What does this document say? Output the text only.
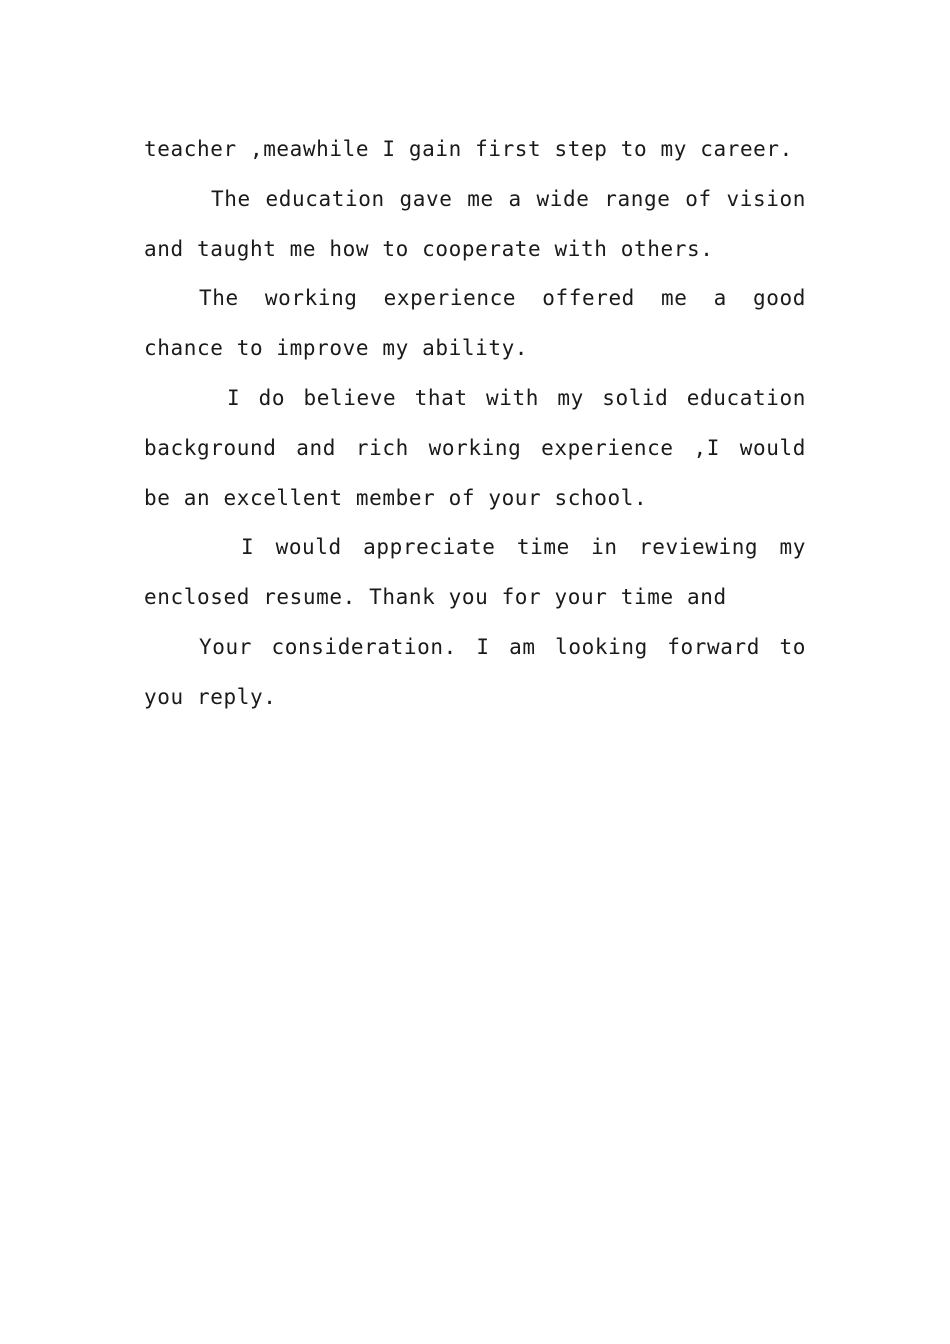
teacher ,meawhile I gain first step to my career.

The education gave me a wide range of vision and taught me how to cooperate with others.

The working experience offered me a good chance to improve my ability.

I do believe that with my solid education background and rich working experience ,I would be an excellent member of your school.

I would appreciate time in reviewing my enclosed resume. Thank you for your time and

Your consideration. I am looking forward to you reply.
